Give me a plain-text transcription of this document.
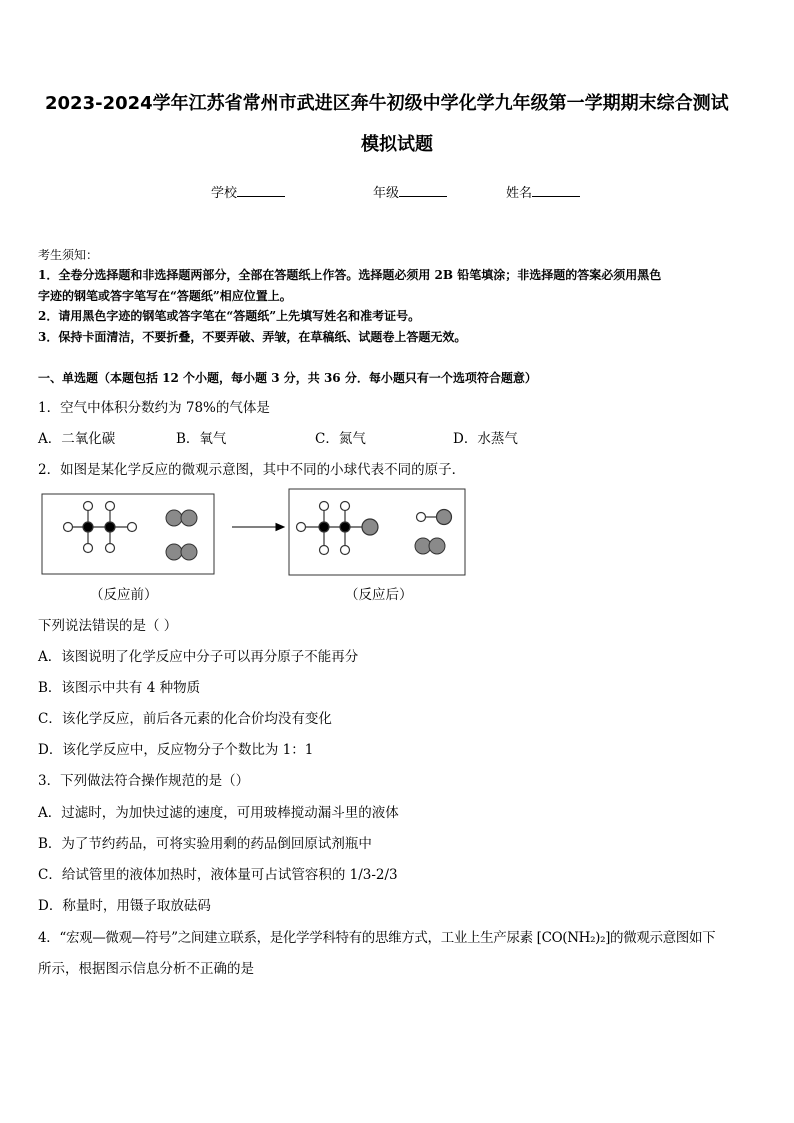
2023-2024学年江苏省常州市武进区奔牛初级中学化学九年级第一学期期末综合测试
模拟试题
学校	年级	姓名
考生须知：
1．全卷分选择题和非选择题两部分，全部在答题纸上作答。选择题必须用 2B 铅笔填涂；非选择题的答案必须用黑色
字迹的钢笔或答字笔写在“答题纸”相应位置上。
2．请用黑色字迹的钢笔或答字笔在“答题纸”上先填写姓名和准考证号。
3．保持卡面清洁，不要折叠，不要弄破、弄皱，在草稿纸、试题卷上答题无效。
一、单选题（本题包括 12 个小题，每小题 3 分，共 36 分．每小题只有一个选项符合题意）
1．空气中体积分数约为 78%的气体是
A．二氧化碳	B．氧气	C．氮气	D．水蒸气
2．如图是某化学反应的微观示意图，其中不同的小球代表不同的原子．
（反应前）	（反应后）
下列说法错误的是（ ）
A．该图说明了化学反应中分子可以再分原子不能再分
B．该图示中共有 4 种物质
C．该化学反应，前后各元素的化合价均没有变化
D．该化学反应中，反应物分子个数比为 1：1
3．下列做法符合操作规范的是（）
A．过滤时，为加快过滤的速度，可用玻棒搅动漏斗里的液体
B．为了节约药品，可将实验用剩的药品倒回原试剂瓶中
C．给试管里的液体加热时，液体量可占试管容积的 1/3-2/3
D．称量时，用镊子取放砝码
4．“宏观—微观—符号”之间建立联系，是化学学科特有的思维方式，工业上生产尿素 [CO(NH₂)₂]的微观示意图如下
所示，根据图示信息分析不正确的是
